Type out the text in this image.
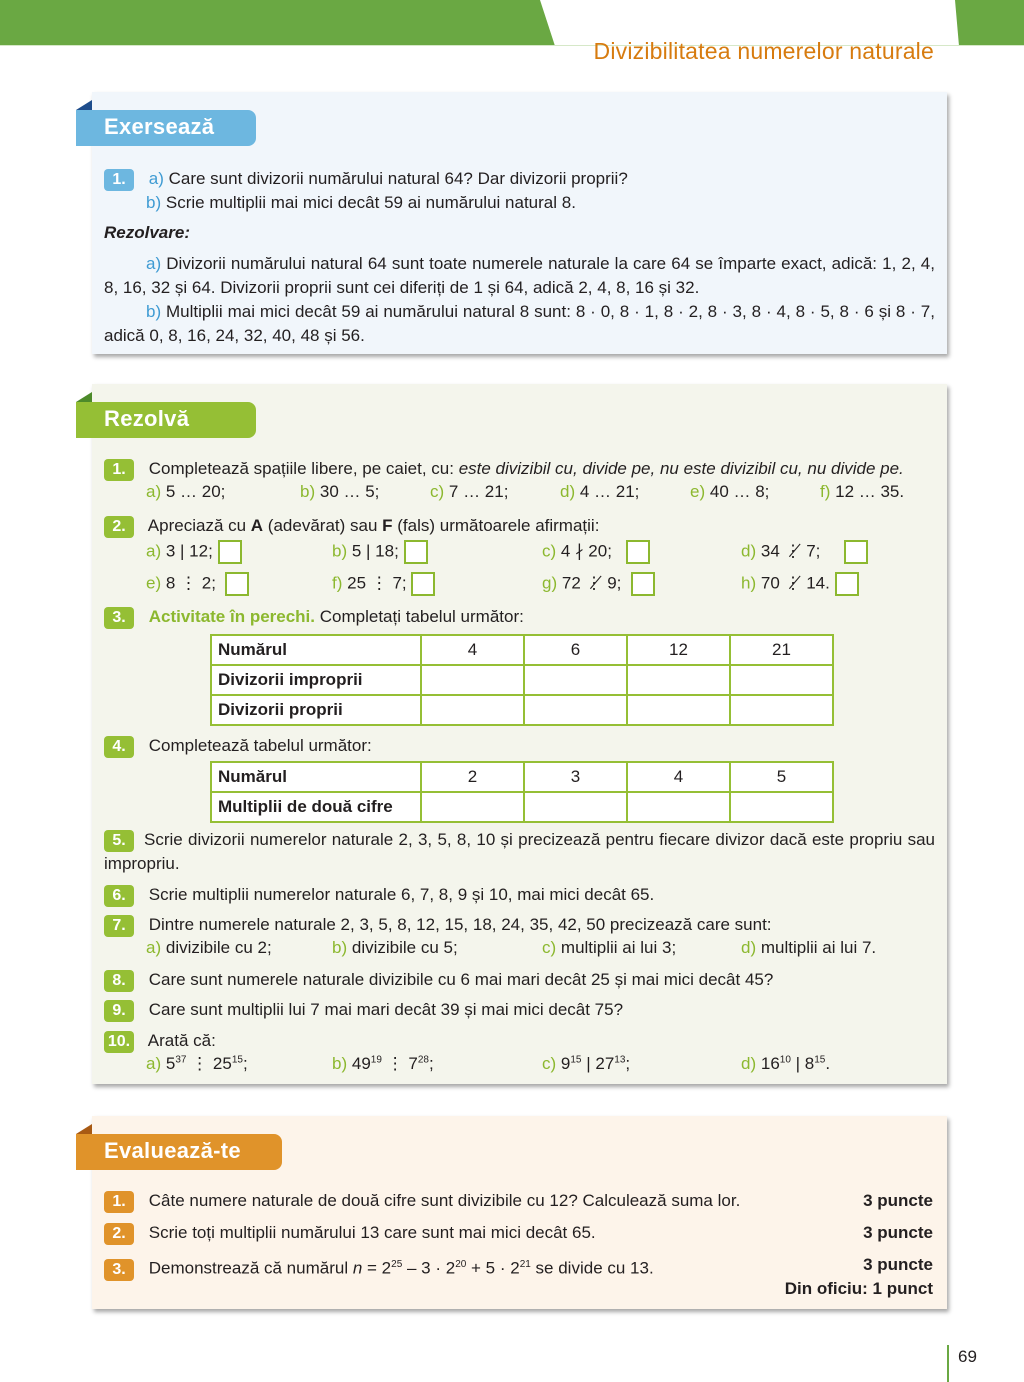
Divizibilitatea numerelor naturale
Exersează
1. a) Care sunt divizorii numărului natural 64? Dar divizorii proprii?
b) Scrie multiplii mai mici decât 59 ai numărului natural 8.
Rezolvare:
a) Divizorii numărului natural 64 sunt toate numerele naturale la care 64 se împarte exact, adică: 1, 2, 4, 8, 16, 32 și 64. Divizorii proprii sunt cei diferiți de 1 și 64, adică 2, 4, 8, 16 și 32.
b) Multiplii mai mici decât 59 ai numărului natural 8 sunt: 8 · 0, 8 · 1, 8 · 2, 8 · 3, 8 · 4, 8 · 5, 8 · 6 și 8 · 7, adică 0, 8, 16, 24, 32, 40, 48 și 56.
Rezolvă
1. Completează spațiile libere, pe caiet, cu: este divizibil cu, divide pe, nu este divizibil cu, nu divide pe.
a) 5 … 20;	b) 30 … 5;	c) 7 … 21;	d) 4 … 21;	e) 40 … 8;	f) 12 … 35.
2. Apreciază cu A (adevărat) sau F (fals) următoarele afirmații:
a) 3 | 12;	b) 5 | 18;	c) 4 ∤ 20;	d) 34 ⋮̸ 7;
e) 8 ⋮ 2;	f) 25 ⋮ 7;	g) 72 ⋮̸ 9;	h) 70 ⋮̸ 14.
3. Activitate în perechi. Completați tabelul următor:
Numărul	4	6	12	21
Divizorii improprii				
Divizorii proprii				
4. Completează tabelul următor:
Numărul	2	3	4	5
Multiplii de două cifre				
5. Scrie divizorii numerelor naturale 2, 3, 5, 8, 10 și precizează pentru fiecare divizor dacă este propriu sau impropriu.
6. Scrie multiplii numerelor naturale 6, 7, 8, 9 și 10, mai mici decât 65.
7. Dintre numerele naturale 2, 3, 5, 8, 12, 15, 18, 24, 35, 42, 50 precizează care sunt:
a) divizibile cu 2;	b) divizibile cu 5;	c) multiplii ai lui 3;	d) multiplii ai lui 7.
8. Care sunt numerele naturale divizibile cu 6 mai mari decât 25 și mai mici decât 45?
9. Care sunt multiplii lui 7 mai mari decât 39 și mai mici decât 75?
10. Arată că:
a) $5^{37}$ ⋮ $25^{15}$;	b) $49^{19}$ ⋮ $7^{28}$;	c) $9^{15}$ | $27^{13}$;	d) $16^{10}$ | $8^{15}$.
Evaluează-te
1. Câte numere naturale de două cifre sunt divizibile cu 12? Calculează suma lor.	3 puncte
2. Scrie toți multiplii numărului 13 care sunt mai mici decât 65.	3 puncte
3. Demonstrează că numărul $n = 2^{25} - 3 \cdot 2^{20} + 5 \cdot 2^{21}$ se divide cu 13.	3 puncte
Din oficiu: 1 punct
69
